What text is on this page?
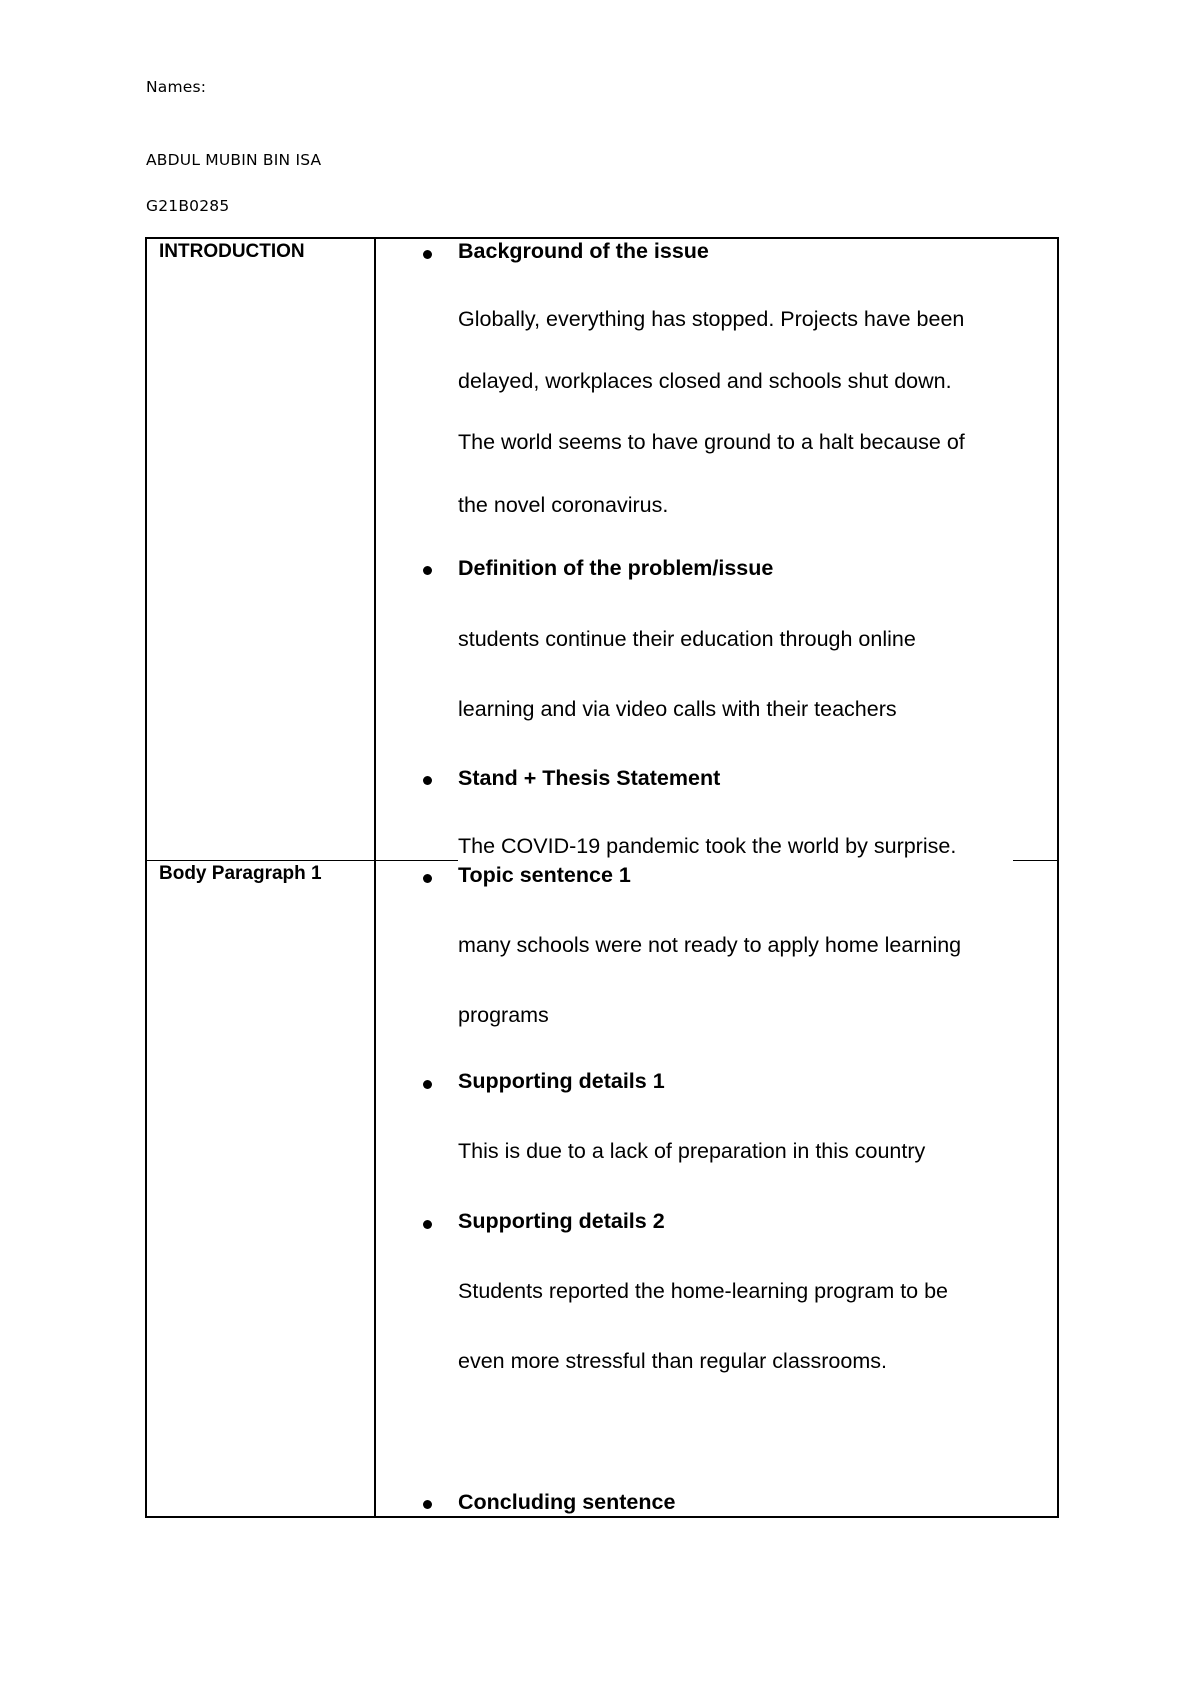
Names:
ABDUL MUBIN BIN ISA
G21B0285
INTRODUCTION	Background of the issue
Globally, everything has stopped. Projects have been
delayed, workplaces closed and schools shut down.
The world seems to have ground to a halt because of
the novel coronavirus.
Definition of the problem/issue
students continue their education through online
learning and via video calls with their teachers
Stand + Thesis Statement
The COVID-19 pandemic took the world by surprise.
Body Paragraph 1	Topic sentence 1
many schools were not ready to apply home learning
programs
Supporting details 1
This is due to a lack of preparation in this country
Supporting details 2
Students reported the home-learning program to be
even more stressful than regular classrooms.
Concluding sentence
